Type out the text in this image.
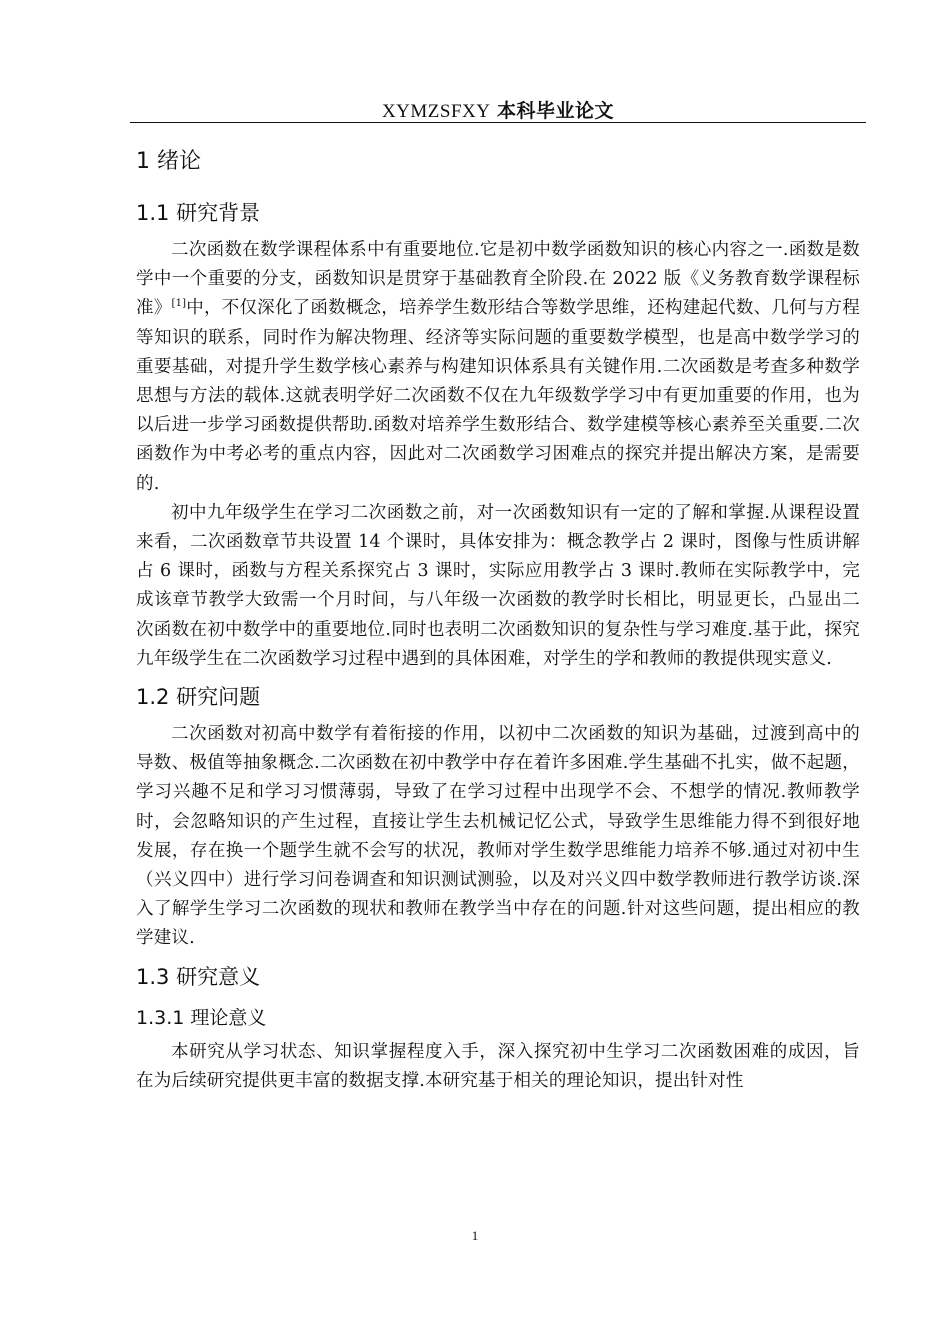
XYMZSFXY 本科毕业论文
1 绪论
1.1 研究背景

二次函数在数学课程体系中有重要地位.它是初中数学函数知识的核心内容之一.函数是数学中一个重要的分支，函数知识是贯穿于基础教育全阶段.在 2022 版《义务教育数学课程标准》[1]中，不仅深化了函数概念，培养学生数形结合等数学思维，还构建起代数、几何与方程等知识的联系，同时作为解决物理、经济等实际问题的重要数学模型，也是高中数学学习的重要基础，对提升学生数学核心素养与构建知识体系具有关键作用.二次函数是考查多种数学思想与方法的载体.这就表明学好二次函数不仅在九年级数学学习中有更加重要的作用，也为以后进一步学习函数提供帮助.函数对培养学生数形结合、数学建模等核心素养至关重要.二次函数作为中考必考的重点内容，因此对二次函数学习困难点的探究并提出解决方案，是需要的.

初中九年级学生在学习二次函数之前，对一次函数知识有一定的了解和掌握.从课程设置来看，二次函数章节共设置 14 个课时，具体安排为：概念教学占 2 课时，图像与性质讲解占 6 课时，函数与方程关系探究占 3 课时，实际应用教学占 3 课时.教师在实际教学中，完成该章节教学大致需一个月时间，与八年级一次函数的教学时长相比，明显更长，凸显出二次函数在初中数学中的重要地位.同时也表明二次函数知识的复杂性与学习难度.基于此，探究九年级学生在二次函数学习过程中遇到的具体困难，对学生的学和教师的教提供现实意义.

1.2 研究问题

二次函数对初高中数学有着衔接的作用，以初中二次函数的知识为基础，过渡到高中的导数、极值等抽象概念.二次函数在初中教学中存在着许多困难.学生基础不扎实，做不起题，学习兴趣不足和学习习惯薄弱，导致了在学习过程中出现学不会、不想学的情况.教师教学时，会忽略知识的产生过程，直接让学生去机械记忆公式，导致学生思维能力得不到很好地发展，存在换一个题学生就不会写的状况，教师对学生数学思维能力培养不够.通过对初中生（兴义四中）进行学习问卷调查和知识测试测验，以及对兴义四中数学教师进行教学访谈.深入了解学生学习二次函数的现状和教师在教学当中存在的问题.针对这些问题，提出相应的教学建议.

1.3 研究意义
1.3.1 理论意义

本研究从学习状态、知识掌握程度入手，深入探究初中生学习二次函数困难的成因，旨在为后续研究提供更丰富的数据支撑.本研究基于相关的理论知识，提出针对性

1
